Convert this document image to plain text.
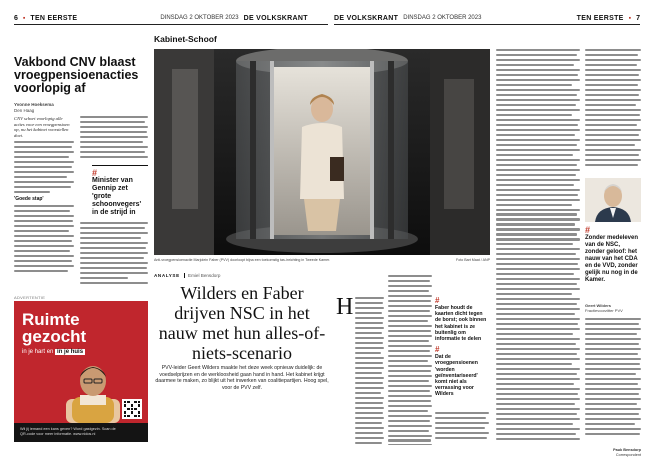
6 ▪ TEN EERSTE	DINSDAG 2 OKTOBER 2023 DE VOLKSKRANT	DE VOLKSKRANT DINSDAG 2 OKTOBER 2023	TEN EERSTE ▪ 7
Kabinet-Schoof
Vakbond CNV blaast vroegpensioenacties voorlopig af
Yvonne Hoeksema
Den Haag
CNV schort voorlopig alle acties voor een vroegpensioen op, nu het kabinet voorstellen doet.
'Goede stap'
#
Minister van Gennip zet 'grote schoonvegers' in de strijd in
ADVERTENTIE
Ruimte
gezocht
in je hart en in je huis
Wil jij iemand een kans geven? Word gastgezin. Scan de QR-code voor meer informatie. www.nidos.nl
Anti-vroegpensioenactie Marjolein Faber (PVV) doorloopt bijna een toekomstig tas-inrichting in Tweede Kamer.	Foto Bart Maat / ANP
#
Zonder medeleven van de NSC, zonder geloof: het nauw van het CDA en de VVD, zonder gelijk nu nog in de Kamer.
Geert Wilders
Fractievoorzitter PVV
Pauk Bensdorp
Correspondent
ANALYSE	Emiel Bensdorp
Wilders en Faber drijven NSC in het nauw met hun alles-of-niets-scenario
PVV-leider Geert Wilders maakte het deze week opnieuw duidelijk: de voedselprijzen en de werkloosheid gaan hand in hand. Het kabinet krijgt daarmee te maken, zo blijkt uit het inwerken van coalitiepartijen. Hoog spel, voor de PVV zelf.
H	#
Faber houdt de kaarten dicht tegen de borst; ook binnen het kabinet is ze buitenlig om informatie te delen
#
Dat de vroegpensioenen 'worden geïnventariseerd' komt niet als verrassing voor Wilders
